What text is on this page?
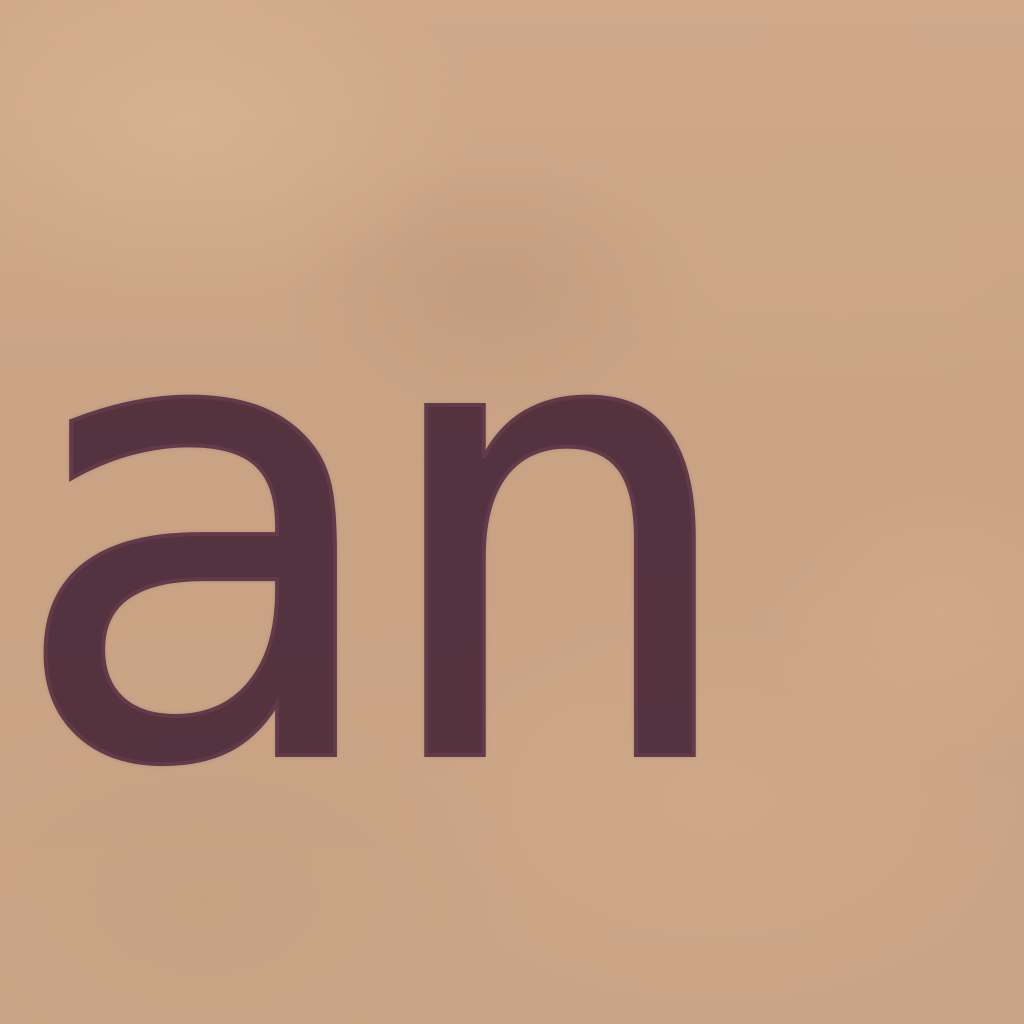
an
